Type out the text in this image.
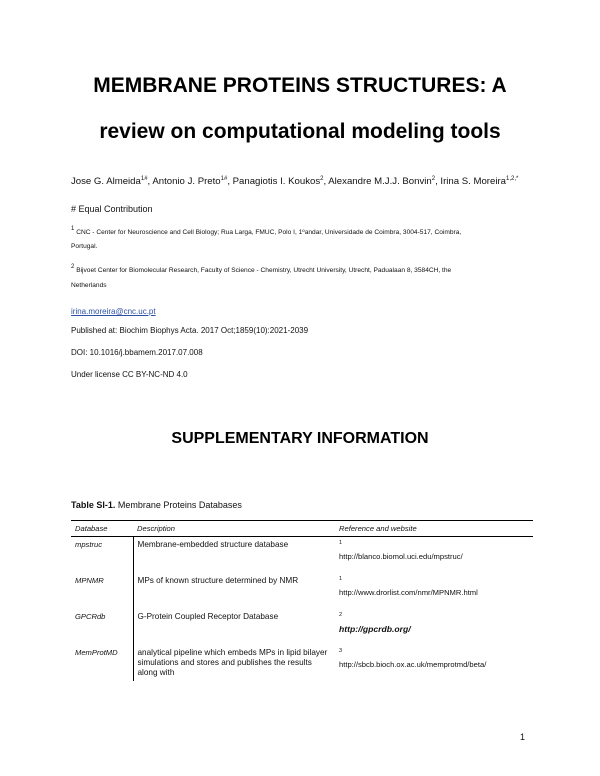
MEMBRANE PROTEINS STRUCTURES: A
review on computational modeling tools
Jose G. Almeida$^{1\#}$, Antonio J. Preto$^{1\#}$, Panagiotis I. Koukos$^2$, Alexandre M.J.J. Bonvin$^2$, Irina S. Moreira$^{1,2,*}$
# Equal Contribution
$^1$ CNC - Center for Neuroscience and Cell Biology; Rua Larga, FMUC, Polo I, 1ºandar, Universidade de Coimbra, 3004-517, Coimbra,
Portugal.
$^2$ Bijvoet Center for Biomolecular Research, Faculty of Science - Chemistry, Utrecht University, Utrecht, Padualaan 8, 3584CH, the
Netherlands
irina.moreira@cnc.uc.pt
Published at: Biochim Biophys Acta. 2017 Oct;1859(10):2021-2039
DOI: 10.1016/j.bbamem.2017.07.008
Under license CC BY-NC-ND 4.0
SUPPLEMENTARY INFORMATION
Table SI-1. Membrane Proteins Databases
Database	Description	Reference and website
mpstruc	Membrane-embedded structure database	1
http://blanco.biomol.uci.edu/mpstruc/
MPNMR	MPs of known structure determined by NMR	1
http://www.drorlist.com/nmr/MPNMR.html
GPCRdb	G-Protein Coupled Receptor Database	2
http://gpcrdb.org/
MemProtMD	analytical pipeline which embeds MPs in lipid bilayer simulations and stores and publishes the results along with	3
http://sbcb.bioch.ox.ac.uk/memprotmd/beta/
1
